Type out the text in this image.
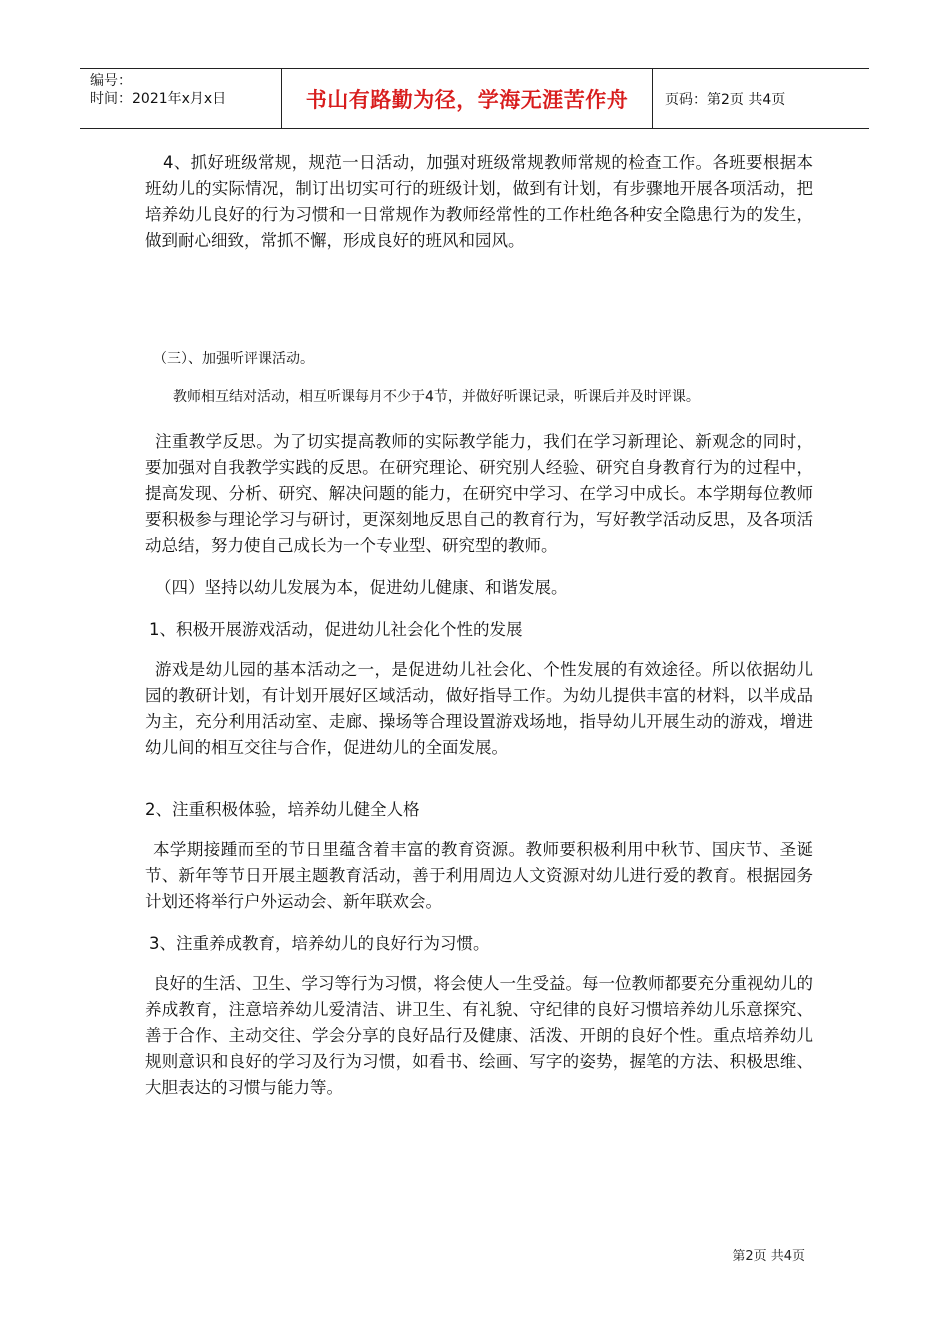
编号：
时间：2021年x月x日	书山有路勤为径，学海无涯苦作舟	页码：第2页 共4页

4、抓好班级常规，规范一日活动，加强对班级常规教师常规的检查工作。各班要根据本班幼儿的实际情况，制订出切实可行的班级计划，做到有计划，有步骤地开展各项活动，把培养幼儿良好的行为习惯和一日常规作为教师经常性的工作杜绝各种安全隐患行为的发生，做到耐心细致，常抓不懈，形成良好的班风和园风。

（三）、加强听评课活动。

教师相互结对活动，相互听课每月不少于4节，并做好听课记录，听课后并及时评课。

注重教学反思。为了切实提高教师的实际教学能力，我们在学习新理论、新观念的同时，要加强对自我教学实践的反思。在研究理论、研究别人经验、研究自身教育行为的过程中，提高发现、分析、研究、解决问题的能力，在研究中学习、在学习中成长。本学期每位教师要积极参与理论学习与研讨，更深刻地反思自己的教育行为，写好教学活动反思，及各项活动总结，努力使自己成长为一个专业型、研究型的教师。

（四）坚持以幼儿发展为本，促进幼儿健康、和谐发展。

1、积极开展游戏活动，促进幼儿社会化个性的发展

游戏是幼儿园的基本活动之一，是促进幼儿社会化、个性发展的有效途径。所以依据幼儿园的教研计划，有计划开展好区域活动，做好指导工作。为幼儿提供丰富的材料，以半成品为主，充分利用活动室、走廊、操场等合理设置游戏场地，指导幼儿开展生动的游戏，增进幼儿间的相互交往与合作，促进幼儿的全面发展。

2、注重积极体验，培养幼儿健全人格

本学期接踵而至的节日里蕴含着丰富的教育资源。教师要积极利用中秋节、国庆节、圣诞节、新年等节日开展主题教育活动，善于利用周边人文资源对幼儿进行爱的教育。根据园务计划还将举行户外运动会、新年联欢会。

3、注重养成教育，培养幼儿的良好行为习惯。

良好的生活、卫生、学习等行为习惯，将会使人一生受益。每一位教师都要充分重视幼儿的养成教育，注意培养幼儿爱清洁、讲卫生、有礼貌、守纪律的良好习惯培养幼儿乐意探究、善于合作、主动交往、学会分享的良好品行及健康、活泼、开朗的良好个性。重点培养幼儿规则意识和良好的学习及行为习惯，如看书、绘画、写字的姿势，握笔的方法、积极思维、大胆表达的习惯与能力等。

第2页 共4页
